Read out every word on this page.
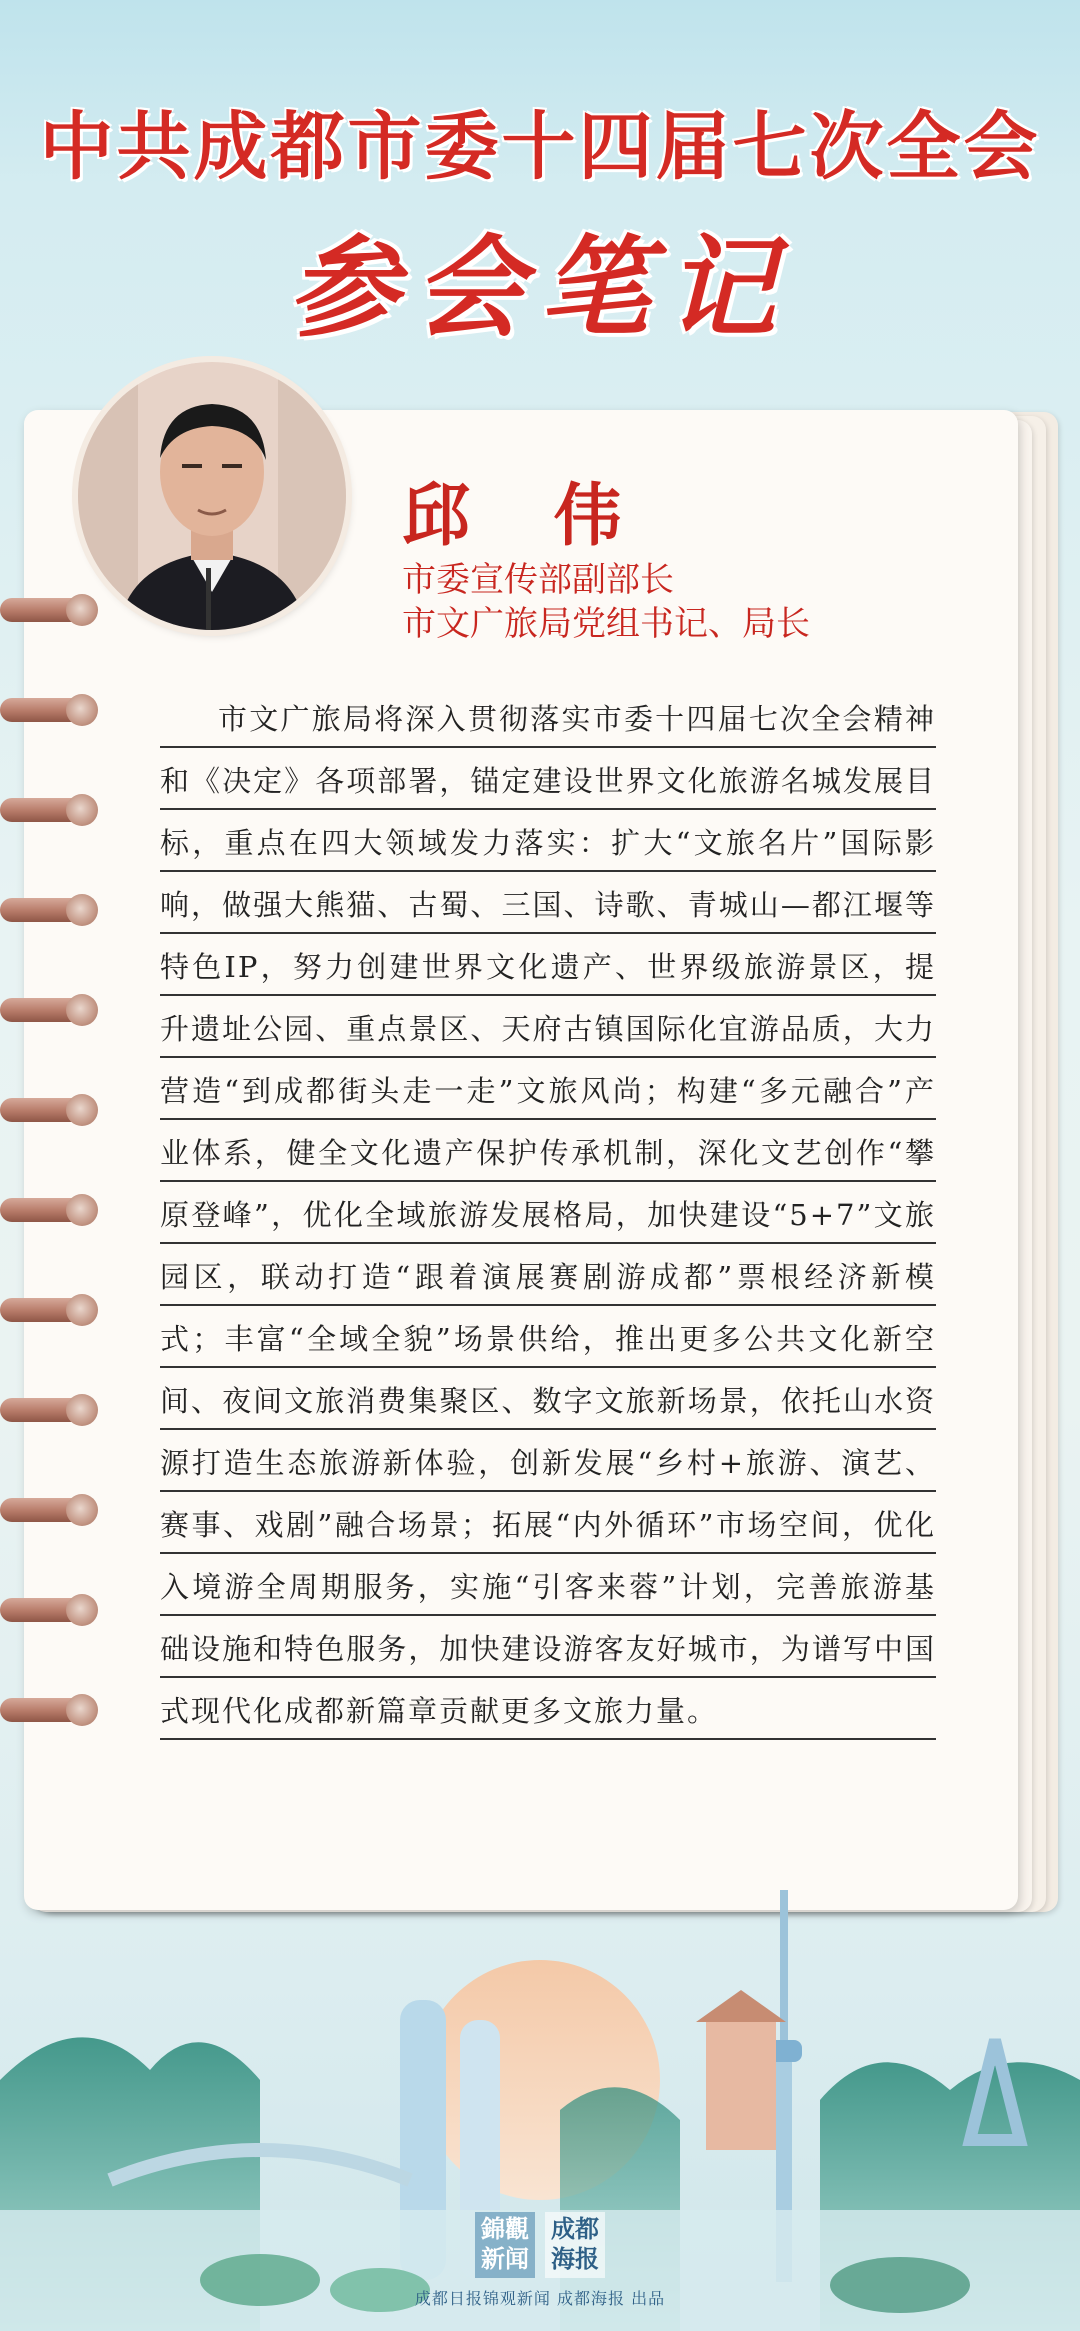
中共成都市委十四届七次全会
参会笔记
邱 伟
市委宣传部副部长
市文广旅局党组书记、局长
市文广旅局将深入贯彻落实市委十四届七次全会精神和《决定》各项部署，锚定建设世界文化旅游名城发展目标，重点在四大领域发力落实：扩大“文旅名片”国际影响，做强大熊猫、古蜀、三国、诗歌、青城山—都江堰等特色IP，努力创建世界文化遗产、世界级旅游景区，提升遗址公园、重点景区、天府古镇国际化宜游品质，大力营造“到成都街头走一走”文旅风尚；构建“多元融合”产业体系，健全文化遗产保护传承机制，深化文艺创作“攀原登峰”，优化全域旅游发展格局，加快建设“5+7”文旅园区，联动打造“跟着演展赛剧游成都”票根经济新模式；丰富“全域全貌”场景供给，推出更多公共文化新空间、夜间文旅消费集聚区、数字文旅新场景，依托山水资源打造生态旅游新体验，创新发展“乡村+旅游、演艺、赛事、戏剧”融合场景；拓展“内外循环”市场空间，优化入境游全周期服务，实施“引客来蓉”计划，完善旅游基础设施和特色服务，加快建设游客友好城市，为谱写中国式现代化成都新篇章贡献更多文旅力量。
錦觀
新闻
成都
海报
成都日报锦观新闻 成都海报 出品
